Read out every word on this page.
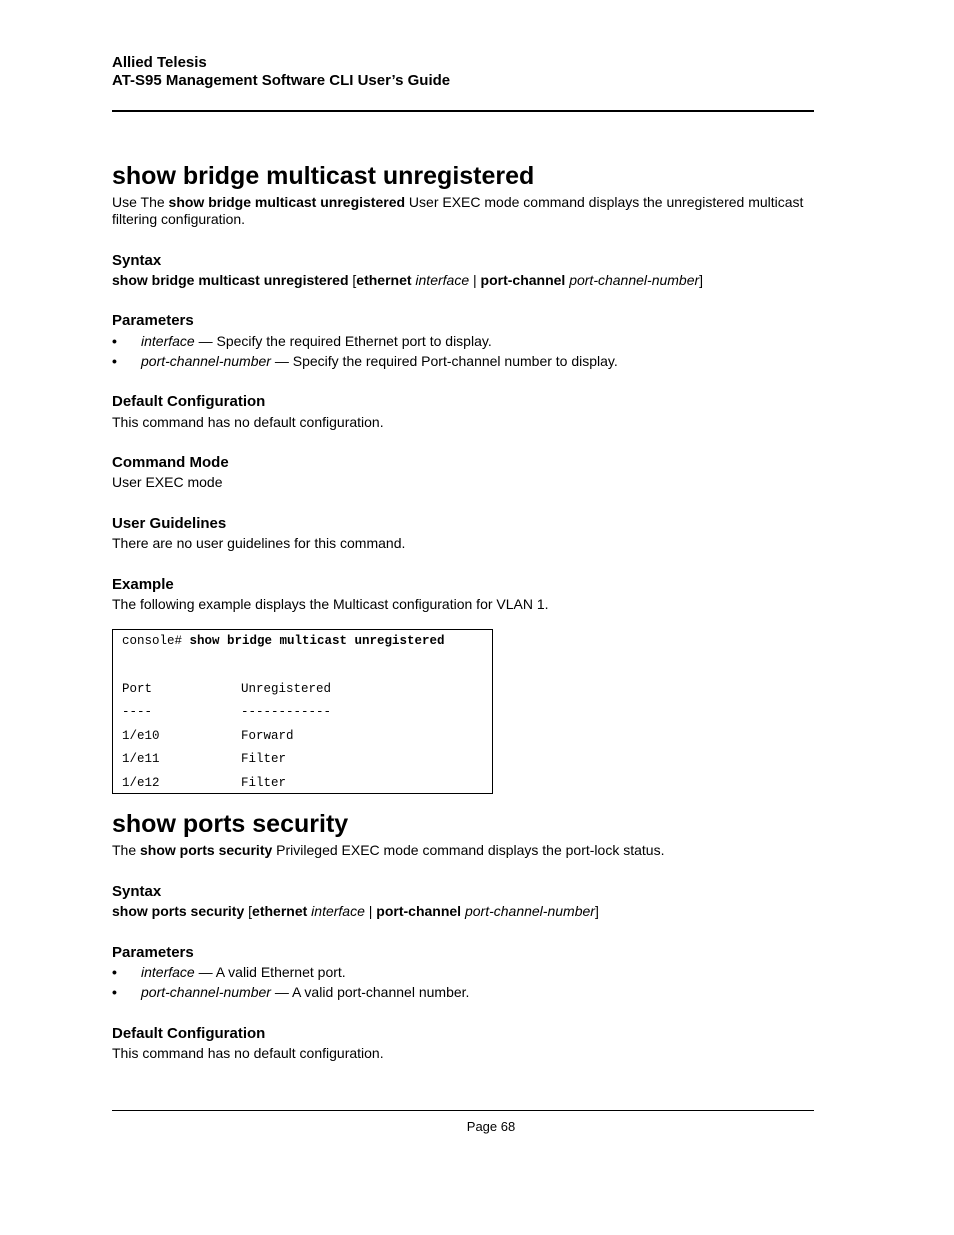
Allied Telesis
AT-S95 Management Software CLI User’s Guide
show bridge multicast unregistered

Use The show bridge multicast unregistered User EXEC mode command displays the unregistered multicast filtering configuration.

Syntax
show bridge multicast unregistered [ethernet interface | port-channel port-channel-number]
Parameters
• interface — Specify the required Ethernet port to display.
• port-channel-number — Specify the required Port-channel number to display.
Default Configuration

This command has no default configuration.

Command Mode

User EXEC mode

User Guidelines

There are no user guidelines for this command.

Example

The following example displays the Multicast configuration for VLAN 1.

console# show bridge multicast unregistered
Port	Unregistered
----	------------
1/e10	Forward
1/e11	Filter
1/e12	Filter
show ports security

The show ports security Privileged EXEC mode command displays the port-lock status.

Syntax
show ports security [ethernet interface | port-channel port-channel-number]
Parameters
• interface — A valid Ethernet port.
• port-channel-number — A valid port-channel number.
Default Configuration

This command has no default configuration.

Page 68
